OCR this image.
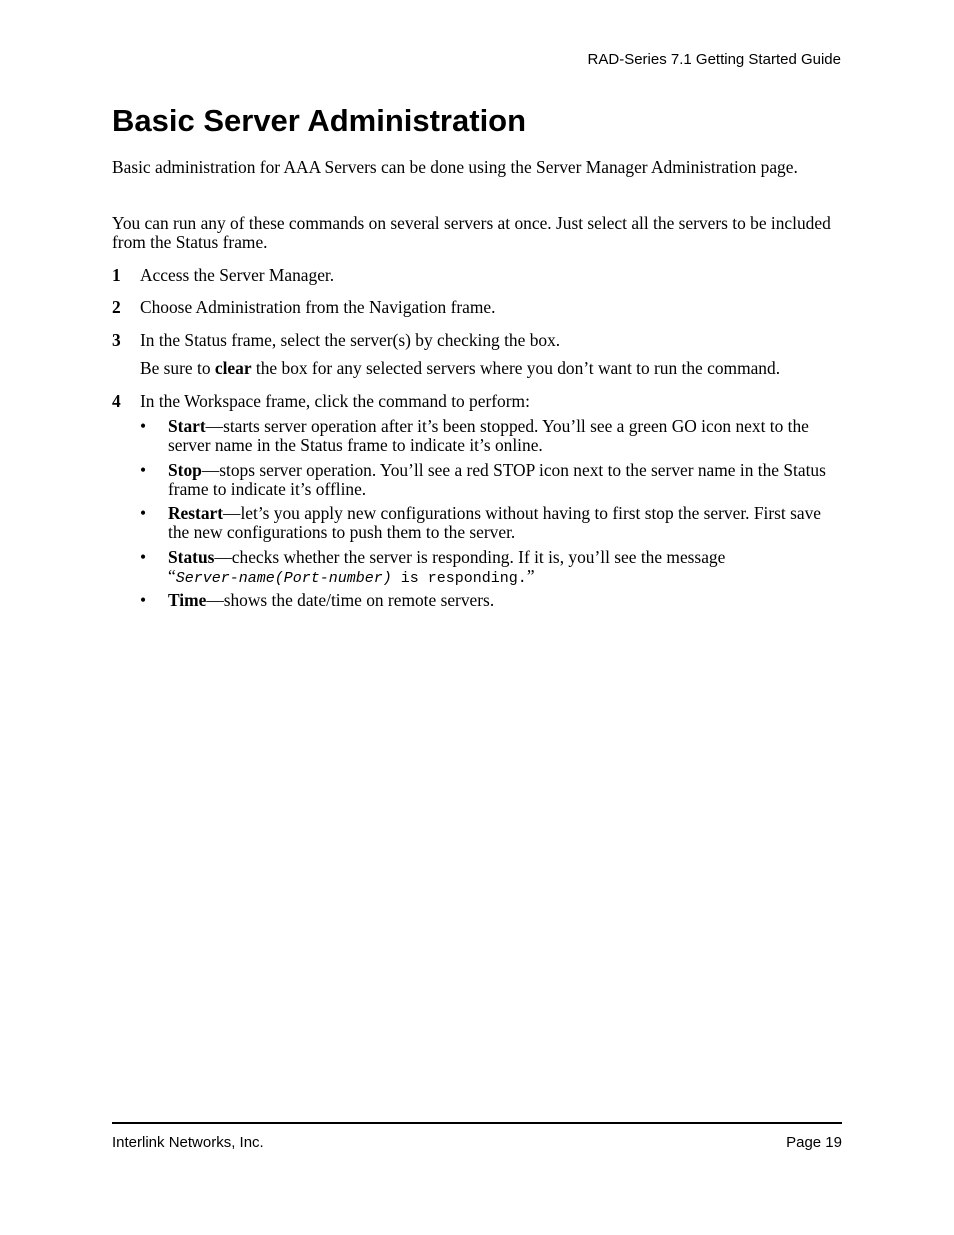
RAD-Series 7.1 Getting Started Guide
Basic Server Administration

Basic administration for AAA Servers can be done using the Server Manager Administration page.

You can run any of these commands on several servers at once. Just select all the servers to be included from the Status frame.

1 Access the Server Manager.
2 Choose Administration from the Navigation frame.
3 In the Status frame, select the server(s) by checking the box.
Be sure to clear the box for any selected servers where you don’t want to run the command.
4 In the Workspace frame, click the command to perform:
• Start—starts server operation after it’s been stopped. You’ll see a green GO icon next to the server name in the Status frame to indicate it’s online.
• Stop—stops server operation. You’ll see a red STOP icon next to the server name in the Status frame to indicate it’s offline.
• Restart—let’s you apply new configurations without having to first stop the server. First save the new configurations to push them to the server.
• Status—checks whether the server is responding. If it is, you’ll see the message
“Server-name(Port-number) is responding.”
• Time—shows the date/time on remote servers.
Interlink Networks, Inc.	Page 19
